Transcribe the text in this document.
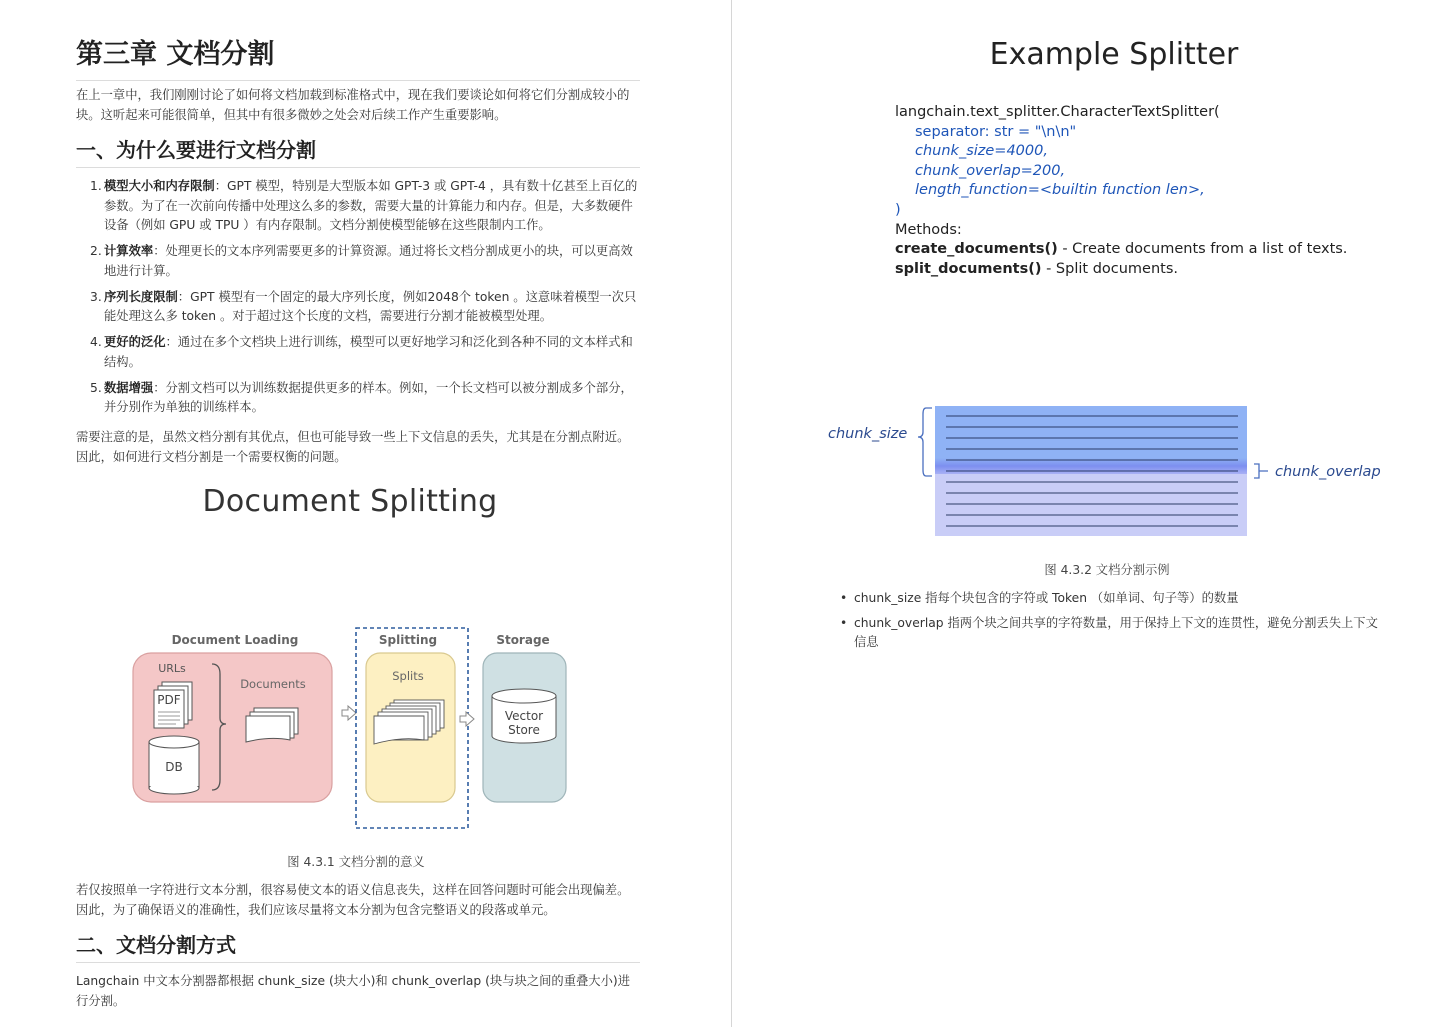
第三章 文档分割

在上一章中，我们刚刚讨论了如何将文档加载到标准格式中，现在我们要谈论如何将它们分割成较小的块。这听起来可能很简单，但其中有很多微妙之处会对后续工作产生重要影响。

一、为什么要进行文档分割
1. 模型大小和内存限制：GPT 模型，特别是大型版本如 GPT-3 或 GPT-4 ，具有数十亿甚至上百亿的参数。为了在一次前向传播中处理这么多的参数，需要大量的计算能力和内存。但是，大多数硬件设备（例如 GPU 或 TPU ）有内存限制。文档分割使模型能够在这些限制内工作。
2. 计算效率：处理更长的文本序列需要更多的计算资源。通过将长文档分割成更小的块，可以更高效地进行计算。
3. 序列长度限制：GPT 模型有一个固定的最大序列长度，例如2048个 token 。这意味着模型一次只能处理这么多 token 。对于超过这个长度的文档，需要进行分割才能被模型处理。
4. 更好的泛化：通过在多个文档块上进行训练，模型可以更好地学习和泛化到各种不同的文本样式和结构。
5. 数据增强：分割文档可以为训练数据提供更多的样本。例如，一个长文档可以被分割成多个部分，并分别作为单独的训练样本。

需要注意的是，虽然文档分割有其优点，但也可能导致一些上下文信息的丢失，尤其是在分割点附近。因此，如何进行文档分割是一个需要权衡的问题。

Document Splitting
Document Loading	Splitting	Storage
URLs
PDF
DB
Documents
Splits
Vector
Store
图 4.3.1 文档分割的意义

若仅按照单一字符进行文本分割，很容易使文本的语义信息丧失，这样在回答问题时可能会出现偏差。因此，为了确保语义的准确性，我们应该尽量将文本分割为包含完整语义的段落或单元。

二、文档分割方式

Langchain 中文本分割器都根据 chunk_size (块大小)和 chunk_overlap (块与块之间的重叠大小)进行分割。

Example Splitter
langchain.text_splitter.CharacterTextSplitter(
separator: str = "\n\n"
chunk_size=4000,
chunk_overlap=200,
length_function=<builtin function len>,
)
Methods:
create_documents() - Create documents from a list of texts.
split_documents() - Split documents.
chunk_size
chunk_overlap
图 4.3.2 文档分割示例
• chunk_size 指每个块包含的字符或 Token （如单词、句子等）的数量
• chunk_overlap 指两个块之间共享的字符数量，用于保持上下文的连贯性，避免分割丢失上下文信息
